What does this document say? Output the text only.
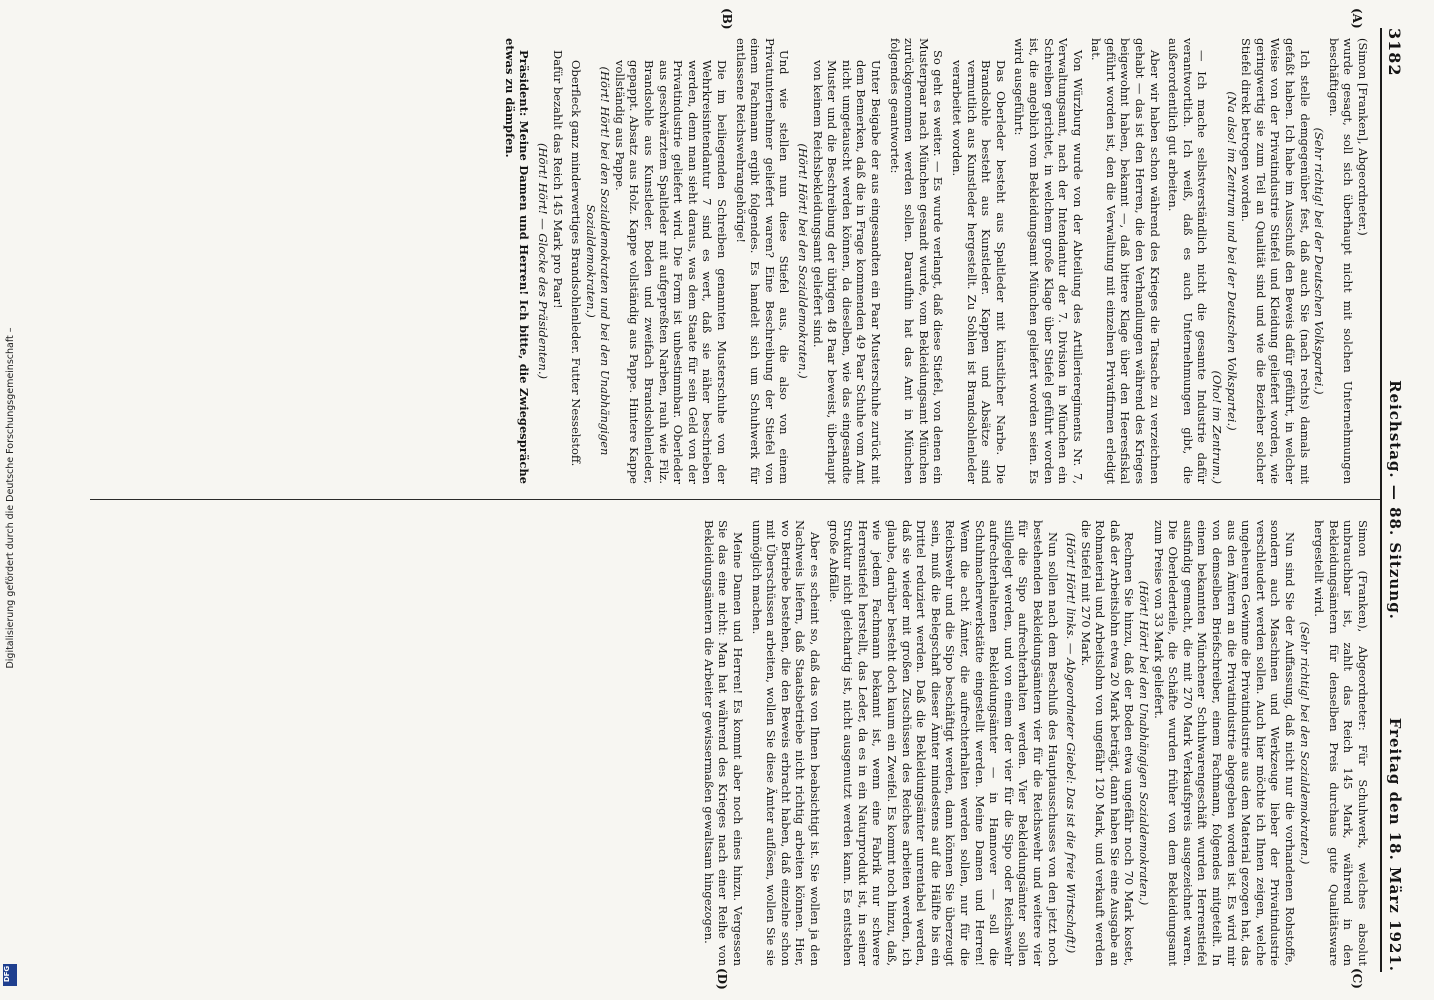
3182
Reichstag. — 88. Sitzung.
Freitag den 18. März 1921.
(A)
(B)
(C)
(D)

(Simon [Franken], Abgeordneter.)

wurde gesagt, soll sich überhaupt nicht mit solchen Unternehmungen beschäftigen.

(Sehr richtig! bei der Deutschen Volkspartei.)

Ich stelle demgegenüber fest, daß auch Sie (nach rechts) damals mit gefaßt haben. Ich habe im Ausschuß den Beweis dafür geführt, in welcher Weise von der Privatindustrie Stiefel und Kleidung geliefert worden, wie geringwertig sie zum Teil an Qualität sind und wie die Bezieher solcher Stiefel direkt betrogen worden.

(Na also! im Zentrum und bei der Deutschen Volkspartei.)

(Oho! im Zentrum.)

— Ich mache selbstverständlich nicht die gesamte Industrie dafür verantwortlich. Ich weiß, daß es auch Unternehmungen gibt, die außerordentlich gut arbeiten.

Aber wir haben schon während des Krieges die Tatsache zu verzeichnen gehabt — das ist den Herren, die den Verhandlungen während des Krieges beigewohnt haben, bekannt —, daß bittere Klage über den Heeresfiskal geführt worden ist, den die Verwaltung mit einzelnen Privatfirmen erledigt hat.

Von Würzburg wurde von der Abteilung des Artillerieregiments Nr. 7, Verwaltungsamt, nach der Intendantur der 7. Division in München ein Schreiben gerichtet, in welchem große Klage über Stiefel geführt worden ist, die angeblich vom Bekleidungsamt München geliefert worden seien. Es wird ausgeführt:

Das Oberleder besteht aus Spaltleder mit künstlicher Narbe. Die Brandsohle besteht aus Kunstleder. Kappen und Absätze sind vermutlich aus Kunstleder hergestellt. Zu Sohlen ist Brandsohlenleder verarbeitet worden.

So geht es weiter. — Es wurde verlangt, daß diese Stiefel, von denen ein Musterpaar nach München gesandt wurde, vom Bekleidungsamt München zurückgenommen werden sollen. Daraufhin hat das Amt in München folgendes geantwortet:

Unter Beigabe der aus eingesandten ein Paar Musterschuhe zurück mit dem Bemerken, daß die in Frage kommenden 49 Paar Schuhe vom Amt nicht umgetauscht werden können, da dieselben, wie das eingesandte Muster und die Beschreibung der übrigen 48 Paar beweist, überhaupt von keinem Reichsbekleidungsamt geliefert sind.

(Hört! Hört! bei den Sozialdemokraten.)

Und wie stellen nun diese Stiefel aus, die also von einem Privatunternehmer geliefert waren? Eine Beschreibung der Stiefel von einem Fachmann ergibt folgendes. Es handelt sich um Schuhwerk für entlassene Reichswehrangehörige!

Die im beiliegenden Schreiben genannten Musterschuhe von der Wehrkreisintendantur 7 sind es wert, daß sie näher beschrieben werden, denn man sieht daraus, was dem Staate für sein Geld von der Privatindustrie geliefert wird. Die Form ist unbestimmbar. Oberleder aus geschwärztem Spaltleder mit aufgepreßten Narben, rauh wie Filz. Brandsohle aus Kunstleder. Boden und zweifach Brandsohlenleder, gepappt. Absatz aus Holz. Kappe vollständig aus Pappe. Hintere Kappe vollständig aus Pappe.

(Hört! Hört! bei den Sozialdemokraten und bei den Unabhängigen Sozialdemokraten.)

Oberfleck ganz minderwertiges Brandsohlenleder. Futter Nesselstoff.

Dafür bezahlt das Reich 145 Mark pro Paar!

(Hört! Hört! — Glocke des Präsidenten.)

Präsident: Meine Damen und Herren! Ich bitte, die Zwiegespräche etwas zu dämpfen.

Simon (Franken), Abgeordneter: Für Schuhwerk, welches absolut unbrauchbar ist, zahlt das Reich 145 Mark, während in den Bekleidungsämtern für denselben Preis durchaus gute Qualitätsware hergestellt wird.

(Sehr richtig! bei den Sozialdemokraten.)

Nun sind Sie der Auffassung, daß nicht nur die vorhandenen Rohstoffe, sondern auch Maschinen und Werkzeuge lieber der Privatindustrie verschleudert werden sollen. Auch hier möchte ich Ihnen zeigen, welche ungeheuren Gewinne die Privatindustrie aus dem Material gezogen hat, das aus den Ämtern an die Privatindustrie abgegeben worden ist. Es wird mir von demselben Briefschreiber, einem Fachmann, folgendes mitgeteilt. In einem bekannten Münchener Schuhwarengeschäft wurden Herrenstiefel ausfindig gemacht, die mit 270 Mark Verkaufspreis ausgezeichnet waren. Die Oberlederteile, die Schäfte wurden früher von dem Bekleidungsamt zum Preise von 33 Mark geliefert.

(Hört! Hört! bei den Unabhängigen Sozialdemokraten.)

Rechnen Sie hinzu, daß der Boden etwa ungefähr noch 70 Mark kostet, daß der Arbeitslohn etwa 20 Mark beträgt, dann haben Sie eine Ausgabe an Rohmaterial und Arbeitslohn von ungefähr 120 Mark, und verkauft werden die Stiefel mit 270 Mark.

(Hört! Hört! links. — Abgeordneter Giebel: Das ist die freie Wirtschaft!)

Nun sollen nach dem Beschluß des Hauptausschusses von den jetzt noch bestehenden Bekleidungsämtern vier für die Reichswehr und weitere vier für die Sipo aufrechterhalten werden. Vier Bekleidungsämter sollen stillgelegt werden, und von einem der vier für die Sipo oder Reichswehr aufrechterhaltenen Bekleidungsämter — in Hannover — soll die Schuhmacherwerkstätte eingestellt werden. Meine Damen und Herren! Wenn die acht Ämter, die aufrechterhalten werden sollen, nur für die Reichswehr und die Sipo beschäftigt werden, dann können Sie überzeugt sein, muß die Belegschaft dieser Ämter mindestens auf die Hälfte bis ein Drittel reduziert werden. Daß die Bekleidungsämter unrentabel werden, daß sie wieder mit großen Zuschüssen des Reiches arbeiten werden, ich glaube, darüber besteht doch kaum ein Zweifel. Es kommt noch hinzu, daß, wie jedem Fachmann bekannt ist, wenn eine Fabrik nur schwere Herrenstiefel herstellt, das Leder, da es in ein Naturprodukt ist, in seiner Struktur nicht gleichartig ist, nicht ausgenutzt werden kann. Es entstehen große Abfälle.

Aber es scheint so, daß das von Ihnen beabsichtigt ist. Sie wollen ja den Nachweis liefern, daß Staatsbetriebe nicht richtig arbeiten können. Hier, wo Betriebe bestehen, die den Beweis erbracht haben, daß einzelne schon mit Überschüssen arbeiten, wollen Sie diese Ämter auflösen, wollen Sie sie unmöglich machen.

Meine Damen und Herren! Es kommt aber noch eines hinzu. Vergessen Sie das eine nicht: Man hat während des Krieges nach einer Reihe von Bekleidungsämtern die Arbeiter gewissermaßen gewaltsam hingezogen.

Digitalisierung gefördert durch die Deutsche Forschungsgemeinschaft –
DFG
